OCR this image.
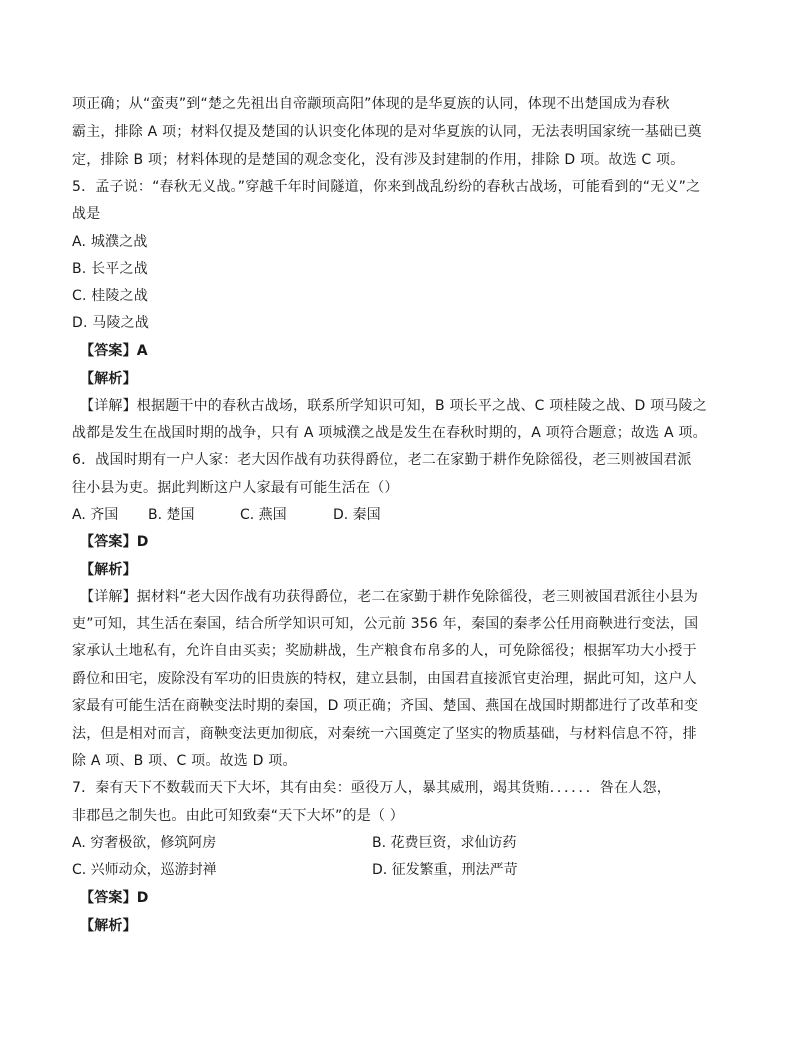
项正确；从“蛮夷”到“楚之先祖出自帝颛顼高阳”体现的是华夏族的认同，体现不出楚国成为春秋
霸主，排除 A 项；材料仅提及楚国的认识变化体现的是对华夏族的认同，无法表明国家统一基础已奠
定，排除 B 项；材料体现的是楚国的观念变化，没有涉及封建制的作用，排除 D 项。故选 C 项。
5．孟子说：“春秋无义战。”穿越千年时间隧道，你来到战乱纷纷的春秋古战场，可能看到的“无义”之
战是
A. 城濮之战
B. 长平之战
C. 桂陵之战
D. 马陵之战
【答案】A
【解析】
【详解】根据题干中的春秋古战场，联系所学知识可知，B 项长平之战、C 项桂陵之战、D 项马陵之
战都是发生在战国时期的战争，只有 A 项城濮之战是发生在春秋时期的，A 项符合题意；故选 A 项。
6．战国时期有一户人家：老大因作战有功获得爵位，老二在家勤于耕作免除徭役，老三则被国君派
往小县为吏。据此判断这户人家最有可能生活在（）
A. 齐国 B. 楚国	C. 燕国	D. 秦国
【答案】D
【解析】
【详解】据材料“老大因作战有功获得爵位，老二在家勤于耕作免除徭役，老三则被国君派往小县为
吏”可知，其生活在秦国，结合所学知识可知，公元前 356 年，秦国的秦孝公任用商鞅进行变法，国
家承认土地私有，允许自由买卖；奖励耕战，生产粮食布帛多的人，可免除徭役；根据军功大小授于
爵位和田宅，废除没有军功的旧贵族的特权，建立县制，由国君直接派官吏治理，据此可知，这户人
家最有可能生活在商鞅变法时期的秦国，D 项正确；齐国、楚国、燕国在战国时期都进行了改革和变
法，但是相对而言，商鞅变法更加彻底，对秦统一六国奠定了坚实的物质基础，与材料信息不符，排
除 A 项、B 项、C 项。故选 D 项。
7．秦有天下不数载而天下大坏，其有由矣：亟役万人，暴其威刑，竭其货贿．．．．．．咎在人怨，
非郡邑之制失也。由此可知致秦“天下大坏”的是（ ）
A. 穷奢极欲，修筑阿房	B. 花费巨资，求仙访药
C. 兴师动众，巡游封禅	D. 征发繁重，刑法严苛
【答案】D
【解析】
